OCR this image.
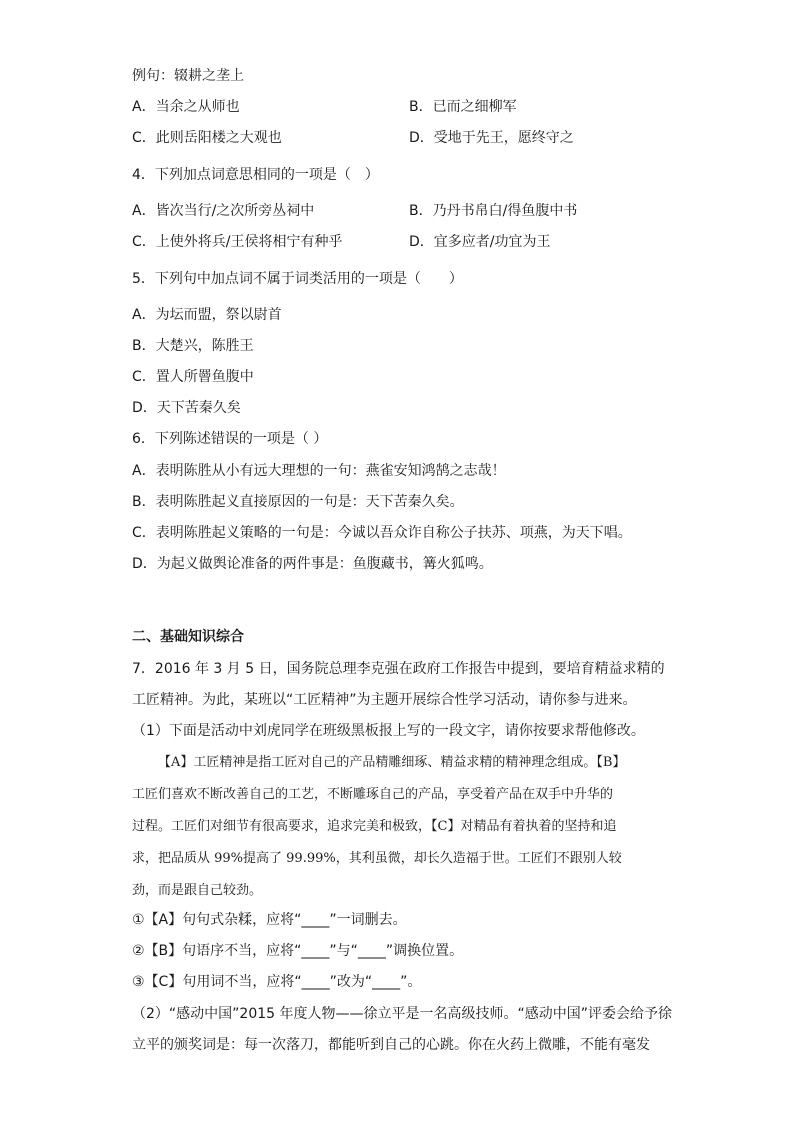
例句：辍耕之垄上
A．当余之从师也	B．已而之细柳军
C．此则岳阳楼之大观也	D．受地于先王，愿终守之
4．下列加点词意思相同的一项是（　）
A．皆次当行/之次所旁丛祠中	B．乃丹书帛白/得鱼腹中书
C．上使外将兵/王侯将相宁有种乎	D．宜多应者/功宜为王
5．下列句中加点词不属于词类活用的一项是（　　）
A．为坛而盟，祭以尉首
B．大楚兴，陈胜王
C．置人所罾鱼腹中
D．天下苦秦久矣
6．下列陈述错误的一项是（ ）
A．表明陈胜从小有远大理想的一句：燕雀安知鸿鹄之志哉！
B．表明陈胜起义直接原因的一句是：天下苦秦久矣。
C．表明陈胜起义策略的一句是：今诚以吾众诈自称公子扶苏、项燕，为天下唱。
D．为起义做舆论准备的两件事是：鱼腹藏书，篝火狐鸣。
二、基础知识综合
7．2016 年 3 月 5 日，国务院总理李克强在政府工作报告中提到，要培育精益求精的
工匠精神。为此，某班以“工匠精神”为主题开展综合性学习活动，请你参与进来。
（1）下面是活动中刘虎同学在班级黑板报上写的一段文字，请你按要求帮他修改。
【A】工匠精神是指工匠对自己的产品精雕细琢、精益求精的精神理念组成。【B】
工匠们喜欢不断改善自己的工艺，不断雕琢自己的产品，享受着产品在双手中升华的
过程。工匠们对细节有很高要求，追求完美和极致，【C】对精品有着执着的坚持和追
求，把品质从 99%提高了 99.99%，其利虽微，却长久造福于世。工匠们不跟别人较
劲，而是跟自己较劲。
①【A】句句式杂糅，应将“____”一词删去。
②【B】句语序不当，应将“____”与“____”调换位置。
③【C】句用词不当，应将“____”改为“____”。
（2）“感动中国”2015 年度人物——徐立平是一名高级技师。“感动中国”评委会给予徐
立平的颁奖词是：每一次落刀，都能听到自己的心跳。你在火药上微雕，不能有毫发
